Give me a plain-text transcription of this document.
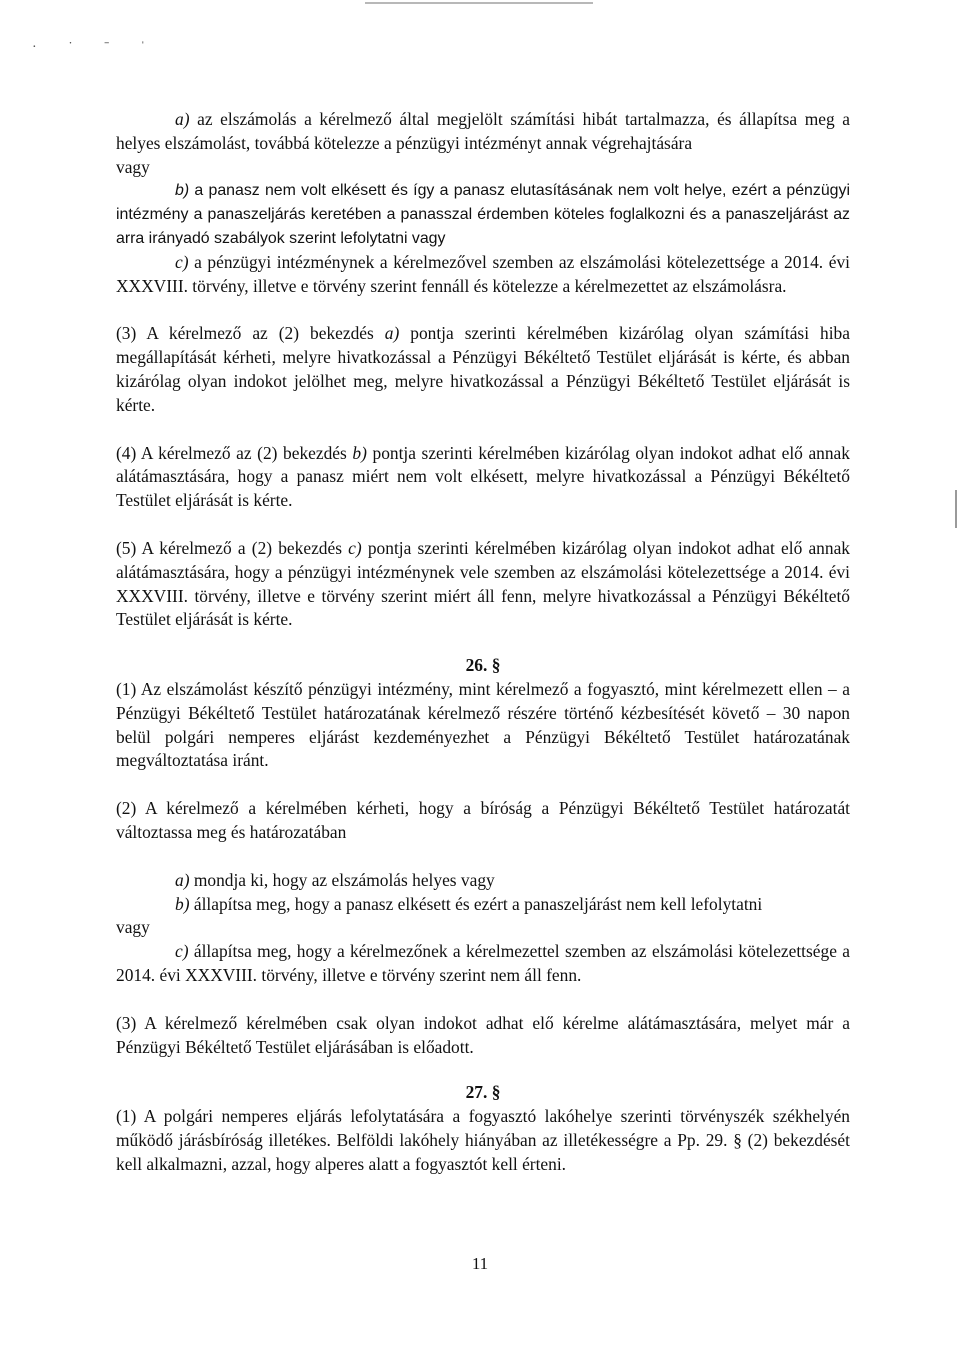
· ˙ ˉ ˈ

a) az elszámolás a kérelmező által megjelölt számítási hibát tartalmazza, és állapítsa meg a helyes elszámolást, továbbá kötelezze a pénzügyi intézményt annak végrehajtására

vagy

b) a panasz nem volt elkésett és így a panasz elutasításának nem volt helye, ezért a pénzügyi intézmény a panaszeljárás keretében a panasszal érdemben köteles foglalkozni és a panaszeljárást az arra irányadó szabályok szerint lefolytatni vagy

c) a pénzügyi intézménynek a kérelmezővel szemben az elszámolási kötelezettsége a 2014. évi XXXVIII. törvény, illetve e törvény szerint fennáll és kötelezze a kérelmezettet az elszámolásra.

(3) A kérelmező az (2) bekezdés a) pontja szerinti kérelmében kizárólag olyan számítási hiba megállapítását kérheti, melyre hivatkozással a Pénzügyi Békéltető Testület eljárását is kérte, és abban kizárólag olyan indokot jelölhet meg, melyre hivatkozással a Pénzügyi Békéltető Testület eljárását is kérte.

(4) A kérelmező az (2) bekezdés b) pontja szerinti kérelmében kizárólag olyan indokot adhat elő annak alátámasztására, hogy a panasz miért nem volt elkésett, melyre hivatkozással a Pénzügyi Békéltető Testület eljárását is kérte.

(5) A kérelmező a (2) bekezdés c) pontja szerinti kérelmében kizárólag olyan indokot adhat elő annak alátámasztására, hogy a pénzügyi intézménynek vele szemben az elszámolási kötelezettsége a 2014. évi XXXVIII. törvény, illetve e törvény szerint miért áll fenn, melyre hivatkozással a Pénzügyi Békéltető Testület eljárását is kérte.

26. §

(1) Az elszámolást készítő pénzügyi intézmény, mint kérelmező a fogyasztó, mint kérelmezett ellen – a Pénzügyi Békéltető Testület határozatának kérelmező részére történő kézbesítését követő – 30 napon belül polgári nemperes eljárást kezdeményezhet a Pénzügyi Békéltető Testület határozatának megváltoztatása iránt.

(2) A kérelmező a kérelmében kérheti, hogy a bíróság a Pénzügyi Békéltető Testület határozatát változtassa meg és határozatában

a) mondja ki, hogy az elszámolás helyes vagy

b) állapítsa meg, hogy a panasz elkésett és ezért a panaszeljárást nem kell lefolytatni

vagy

c) állapítsa meg, hogy a kérelmezőnek a kérelmezettel szemben az elszámolási kötelezettsége a 2014. évi XXXVIII. törvény, illetve e törvény szerint nem áll fenn.

(3) A kérelmező kérelmében csak olyan indokot adhat elő kérelme alátámasztására, melyet már a Pénzügyi Békéltető Testület eljárásában is előadott.

27. §

(1) A polgári nemperes eljárás lefolytatására a fogyasztó lakóhelye szerinti törvényszék székhelyén működő járásbíróság illetékes. Belföldi lakóhely hiányában az illetékességre a Pp. 29. § (2) bekezdését kell alkalmazni, azzal, hogy alperes alatt a fogyasztót kell érteni.

11
